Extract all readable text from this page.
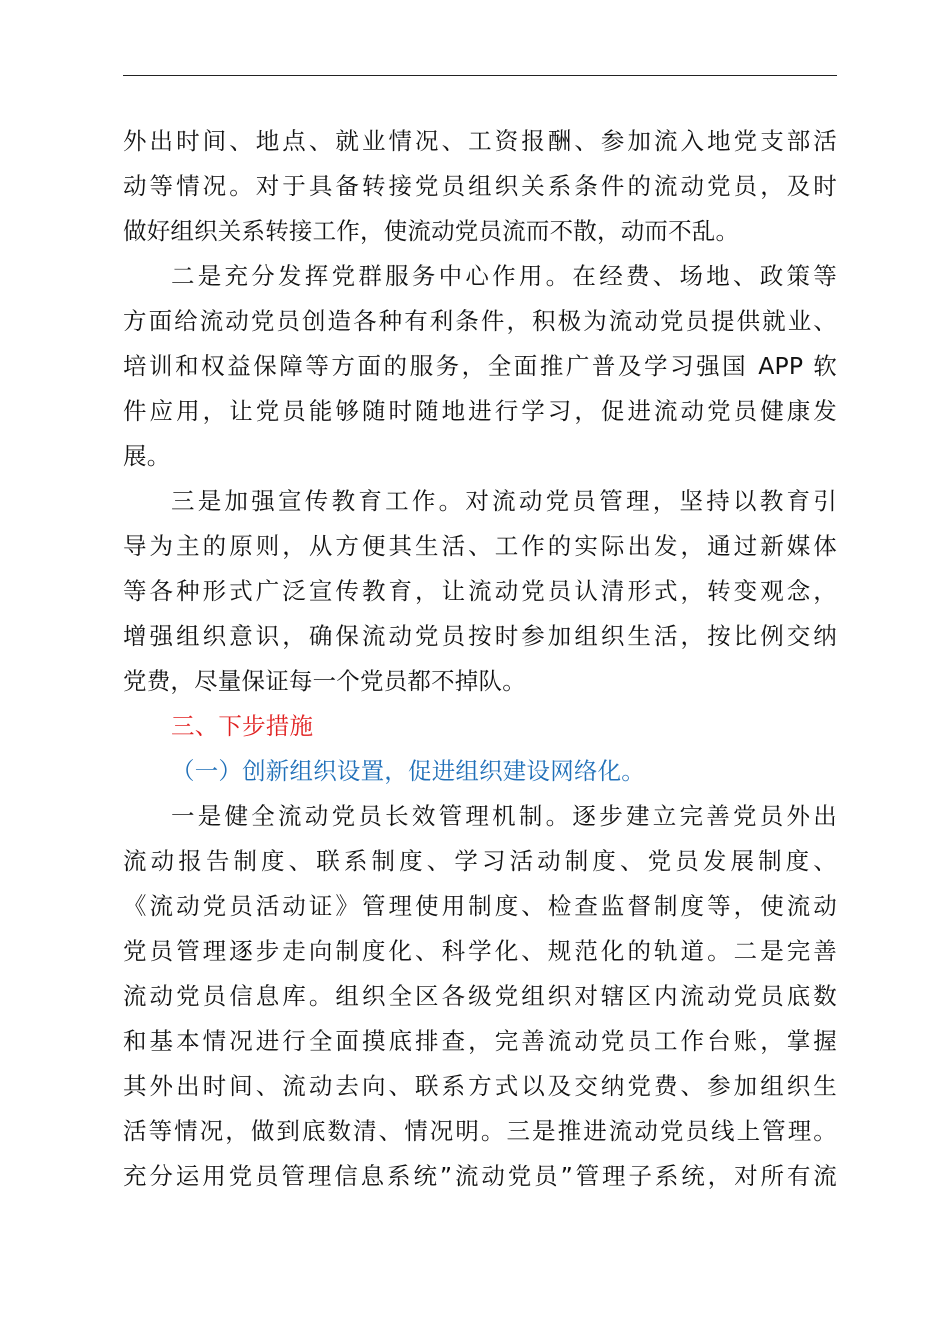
外出时间、地点、就业情况、工资报酬、参加流入地党支部活
动等情况。对于具备转接党员组织关系条件的流动党员，及时
做好组织关系转接工作，使流动党员流而不散，动而不乱。
二是充分发挥党群服务中心作用。在经费、场地、政策等
方面给流动党员创造各种有利条件，积极为流动党员提供就业、
培训和权益保障等方面的服务，全面推广普及学习强国 APP 软
件应用，让党员能够随时随地进行学习，促进流动党员健康发
展。
三是加强宣传教育工作。对流动党员管理，坚持以教育引
导为主的原则，从方便其生活、工作的实际出发，通过新媒体
等各种形式广泛宣传教育，让流动党员认清形式，转变观念，
增强组织意识，确保流动党员按时参加组织生活，按比例交纳
党费，尽量保证每一个党员都不掉队。
三、下步措施
（一）创新组织设置，促进组织建设网络化。
一是健全流动党员长效管理机制。逐步建立完善党员外出
流动报告制度、联系制度、学习活动制度、党员发展制度、
《流动党员活动证》管理使用制度、检查监督制度等，使流动
党员管理逐步走向制度化、科学化、规范化的轨道。二是完善
流动党员信息库。组织全区各级党组织对辖区内流动党员底数
和基本情况进行全面摸底排查，完善流动党员工作台账，掌握
其外出时间、流动去向、联系方式以及交纳党费、参加组织生
活等情况，做到底数清、情况明。三是推进流动党员线上管理。
充分运用党员管理信息系统”流动党员”管理子系统，对所有流
